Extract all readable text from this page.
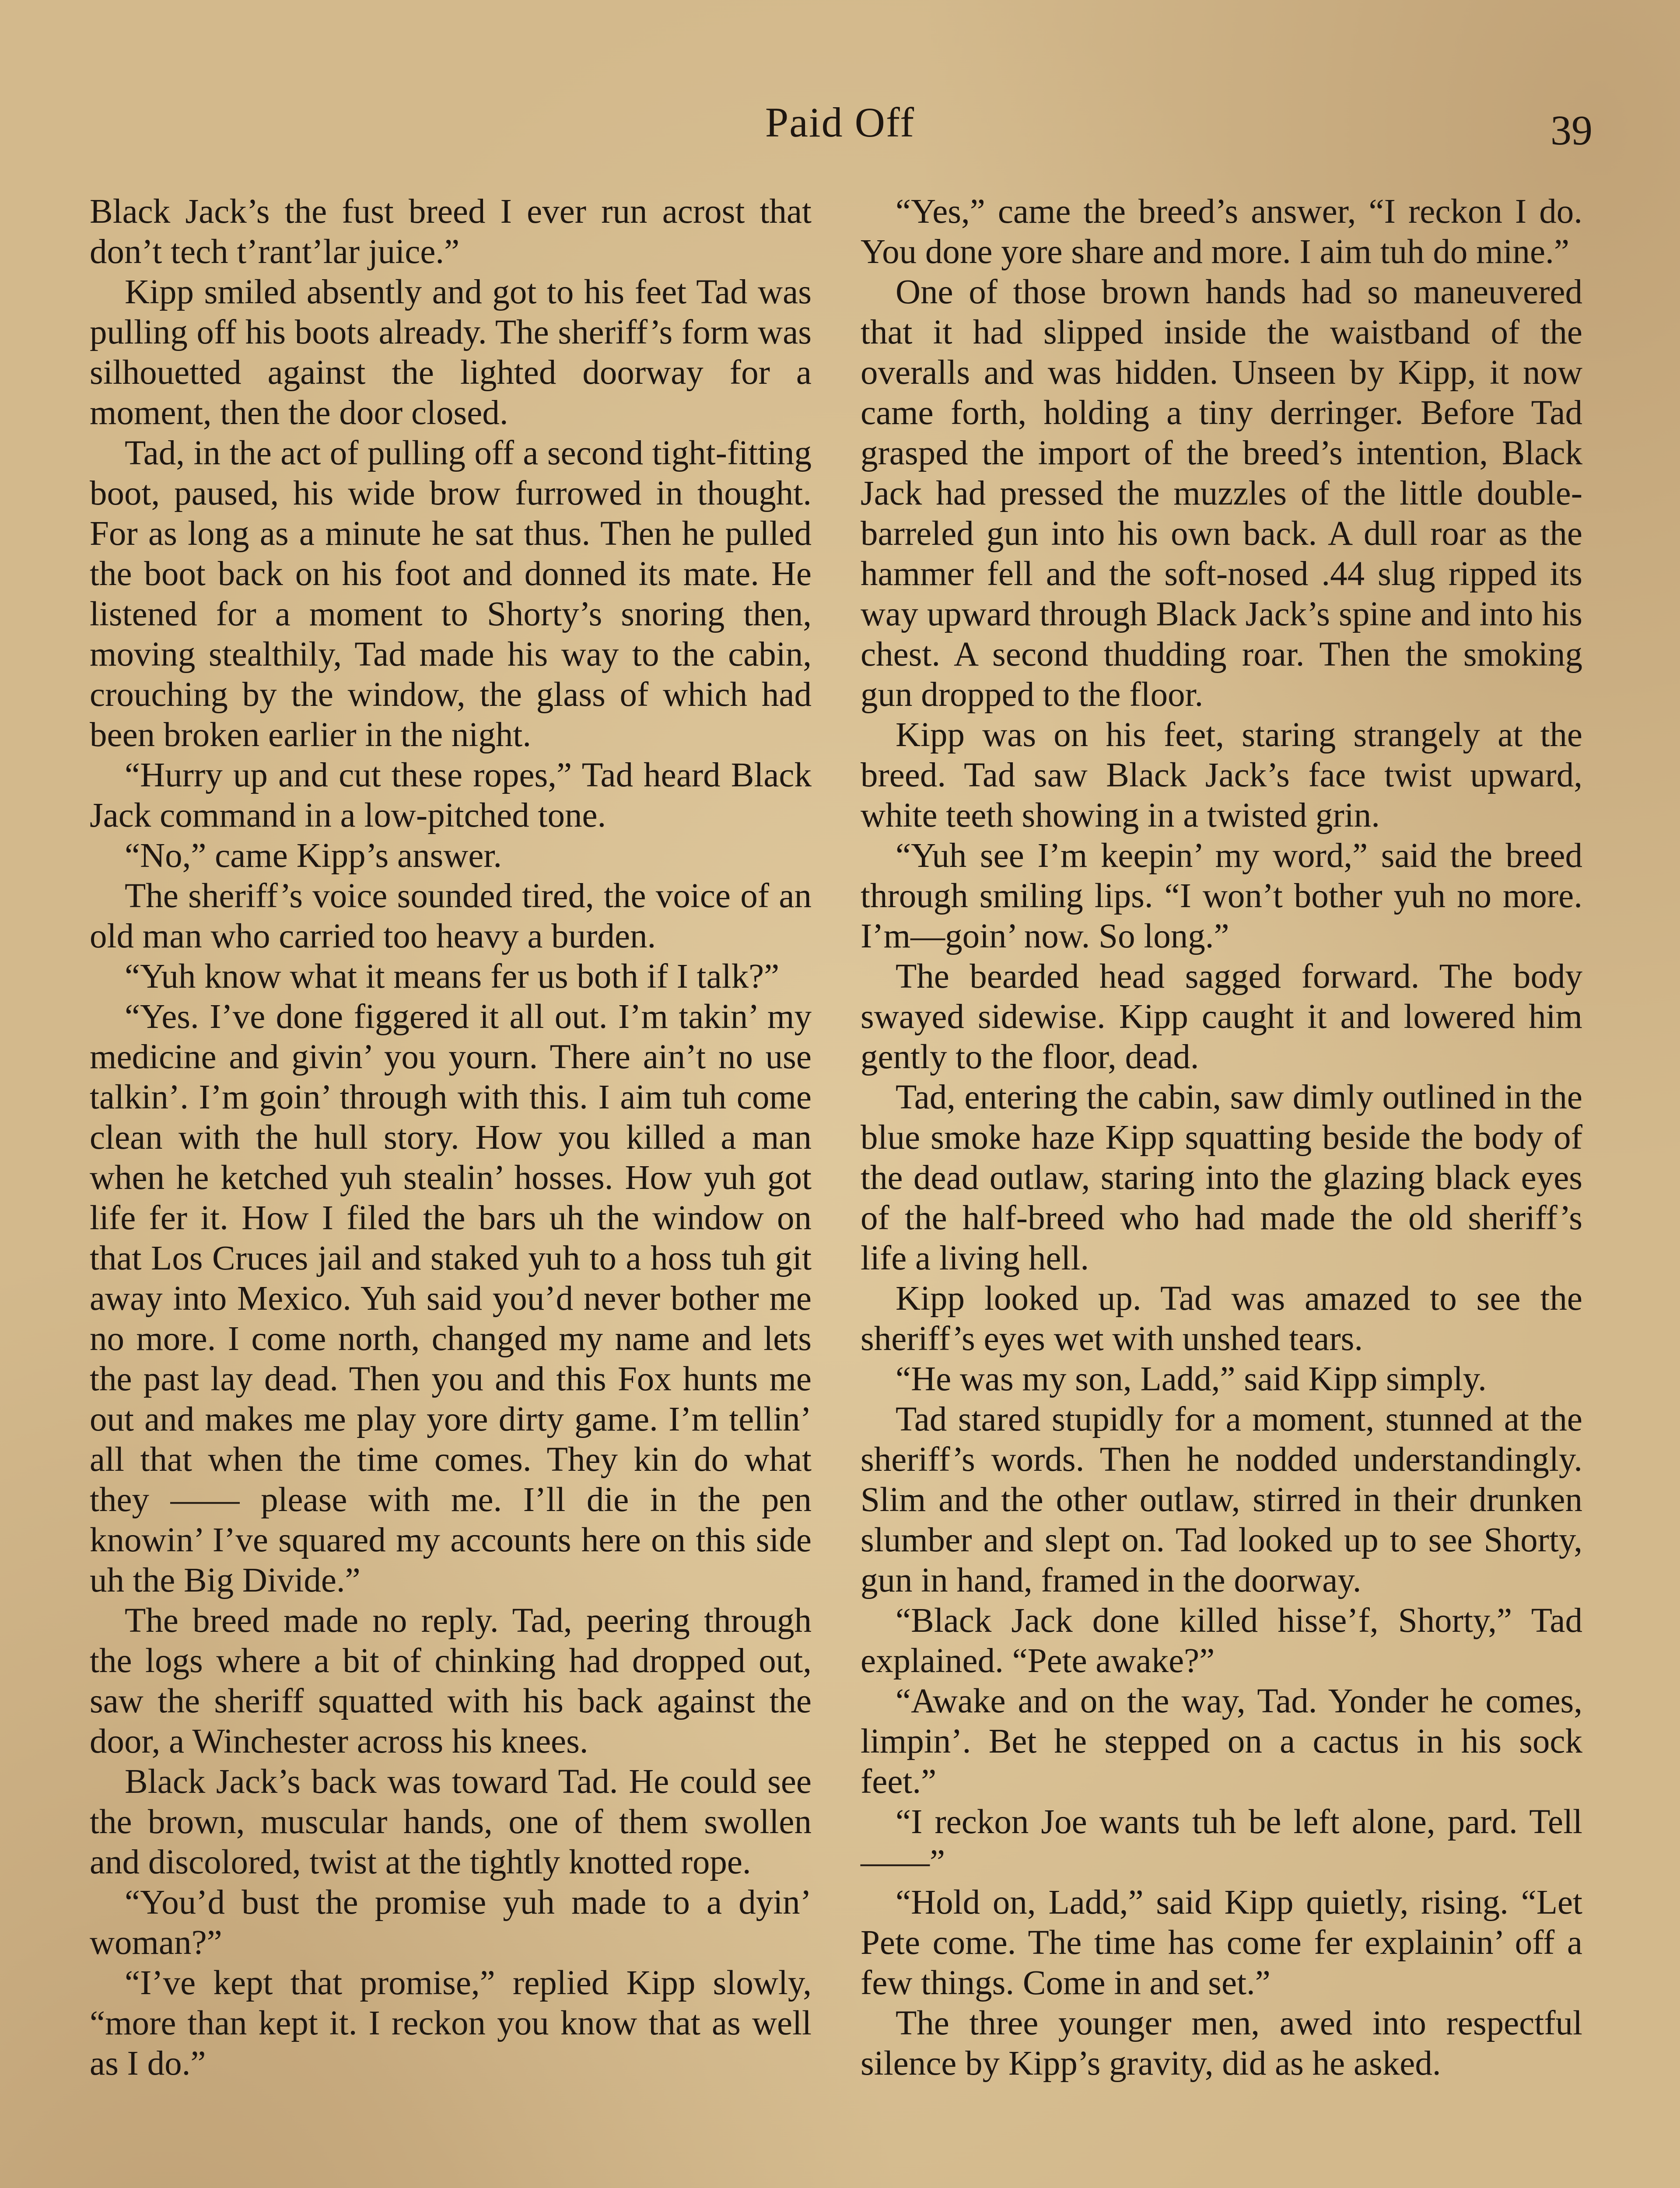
Paid Off	39

Black Jack’s the fust breed I ever run acrost that don’t tech t’rant’lar juice.”

Kipp smiled absently and got to his feet Tad was pulling off his boots already. The sheriff’s form was silhouetted against the lighted doorway for a moment, then the door closed.

Tad, in the act of pulling off a second tight-fitting boot, paused, his wide brow furrowed in thought. For as long as a minute he sat thus. Then he pulled the boot back on his foot and donned its mate. He listened for a moment to Shorty’s snoring then, moving stealthily, Tad made his way to the cabin, crouching by the window, the glass of which had been broken earlier in the night.

“Hurry up and cut these ropes,” Tad heard Black Jack command in a low-pitched tone.

“No,” came Kipp’s answer.

The sheriff’s voice sounded tired, the voice of an old man who carried too heavy a burden.

“Yuh know what it means fer us both if I talk?”

“Yes. I’ve done figgered it all out. I’m takin’ my medicine and givin’ you yourn. There ain’t no use talkin’. I’m goin’ through with this. I aim tuh come clean with the hull story. How you killed a man when he ketched yuh stealin’ hosses. How yuh got life fer it. How I filed the bars uh the window on that Los Cruces jail and staked yuh to a hoss tuh git away into Mexico. Yuh said you’d never bother me no more. I come north, changed my name and lets the past lay dead. Then you and this Fox hunts me out and makes me play yore dirty game. I’m tellin’ all that when the time comes. They kin do what they —— please with me. I’ll die in the pen knowin’ I’ve squared my accounts here on this side uh the Big Divide.”

The breed made no reply. Tad, peering through the logs where a bit of chinking had dropped out, saw the sheriff squatted with his back against the door, a Winchester across his knees.

Black Jack’s back was toward Tad. He could see the brown, muscular hands, one of them swollen and discolored, twist at the tightly knotted rope.

“You’d bust the promise yuh made to a dyin’ woman?”

“I’ve kept that promise,” replied Kipp slowly, “more than kept it. I reckon you know that as well as I do.”

“Yes,” came the breed’s answer, “I reckon I do. You done yore share and more. I aim tuh do mine.”

One of those brown hands had so maneuvered that it had slipped inside the waistband of the overalls and was hidden. Unseen by Kipp, it now came forth, holding a tiny derringer. Before Tad grasped the import of the breed’s intention, Black Jack had pressed the muzzles of the little double-barreled gun into his own back. A dull roar as the hammer fell and the soft-nosed .44 slug ripped its way upward through Black Jack’s spine and into his chest. A second thudding roar. Then the smoking gun dropped to the floor.

Kipp was on his feet, staring strangely at the breed. Tad saw Black Jack’s face twist upward, white teeth showing in a twisted grin.

“Yuh see I’m keepin’ my word,” said the breed through smiling lips. “I won’t bother yuh no more. I’m—goin’ now. So long.”

The bearded head sagged forward. The body swayed sidewise. Kipp caught it and lowered him gently to the floor, dead.

Tad, entering the cabin, saw dimly outlined in the blue smoke haze Kipp squatting beside the body of the dead outlaw, staring into the glazing black eyes of the half-breed who had made the old sheriff’s life a living hell.

Kipp looked up. Tad was amazed to see the sheriff’s eyes wet with unshed tears.

“He was my son, Ladd,” said Kipp simply.

Tad stared stupidly for a moment, stunned at the sheriff’s words. Then he nodded understandingly. Slim and the other outlaw, stirred in their drunken slumber and slept on. Tad looked up to see Shorty, gun in hand, framed in the doorway.

“Black Jack done killed hisse’f, Shorty,” Tad explained. “Pete awake?”

“Awake and on the way, Tad. Yonder he comes, limpin’. Bet he stepped on a cactus in his sock feet.”

“I reckon Joe wants tuh be left alone, pard. Tell——”

“Hold on, Ladd,” said Kipp quietly, rising. “Let Pete come. The time has come fer explainin’ off a few things. Come in and set.”

The three younger men, awed into respectful silence by Kipp’s gravity, did as he asked.
